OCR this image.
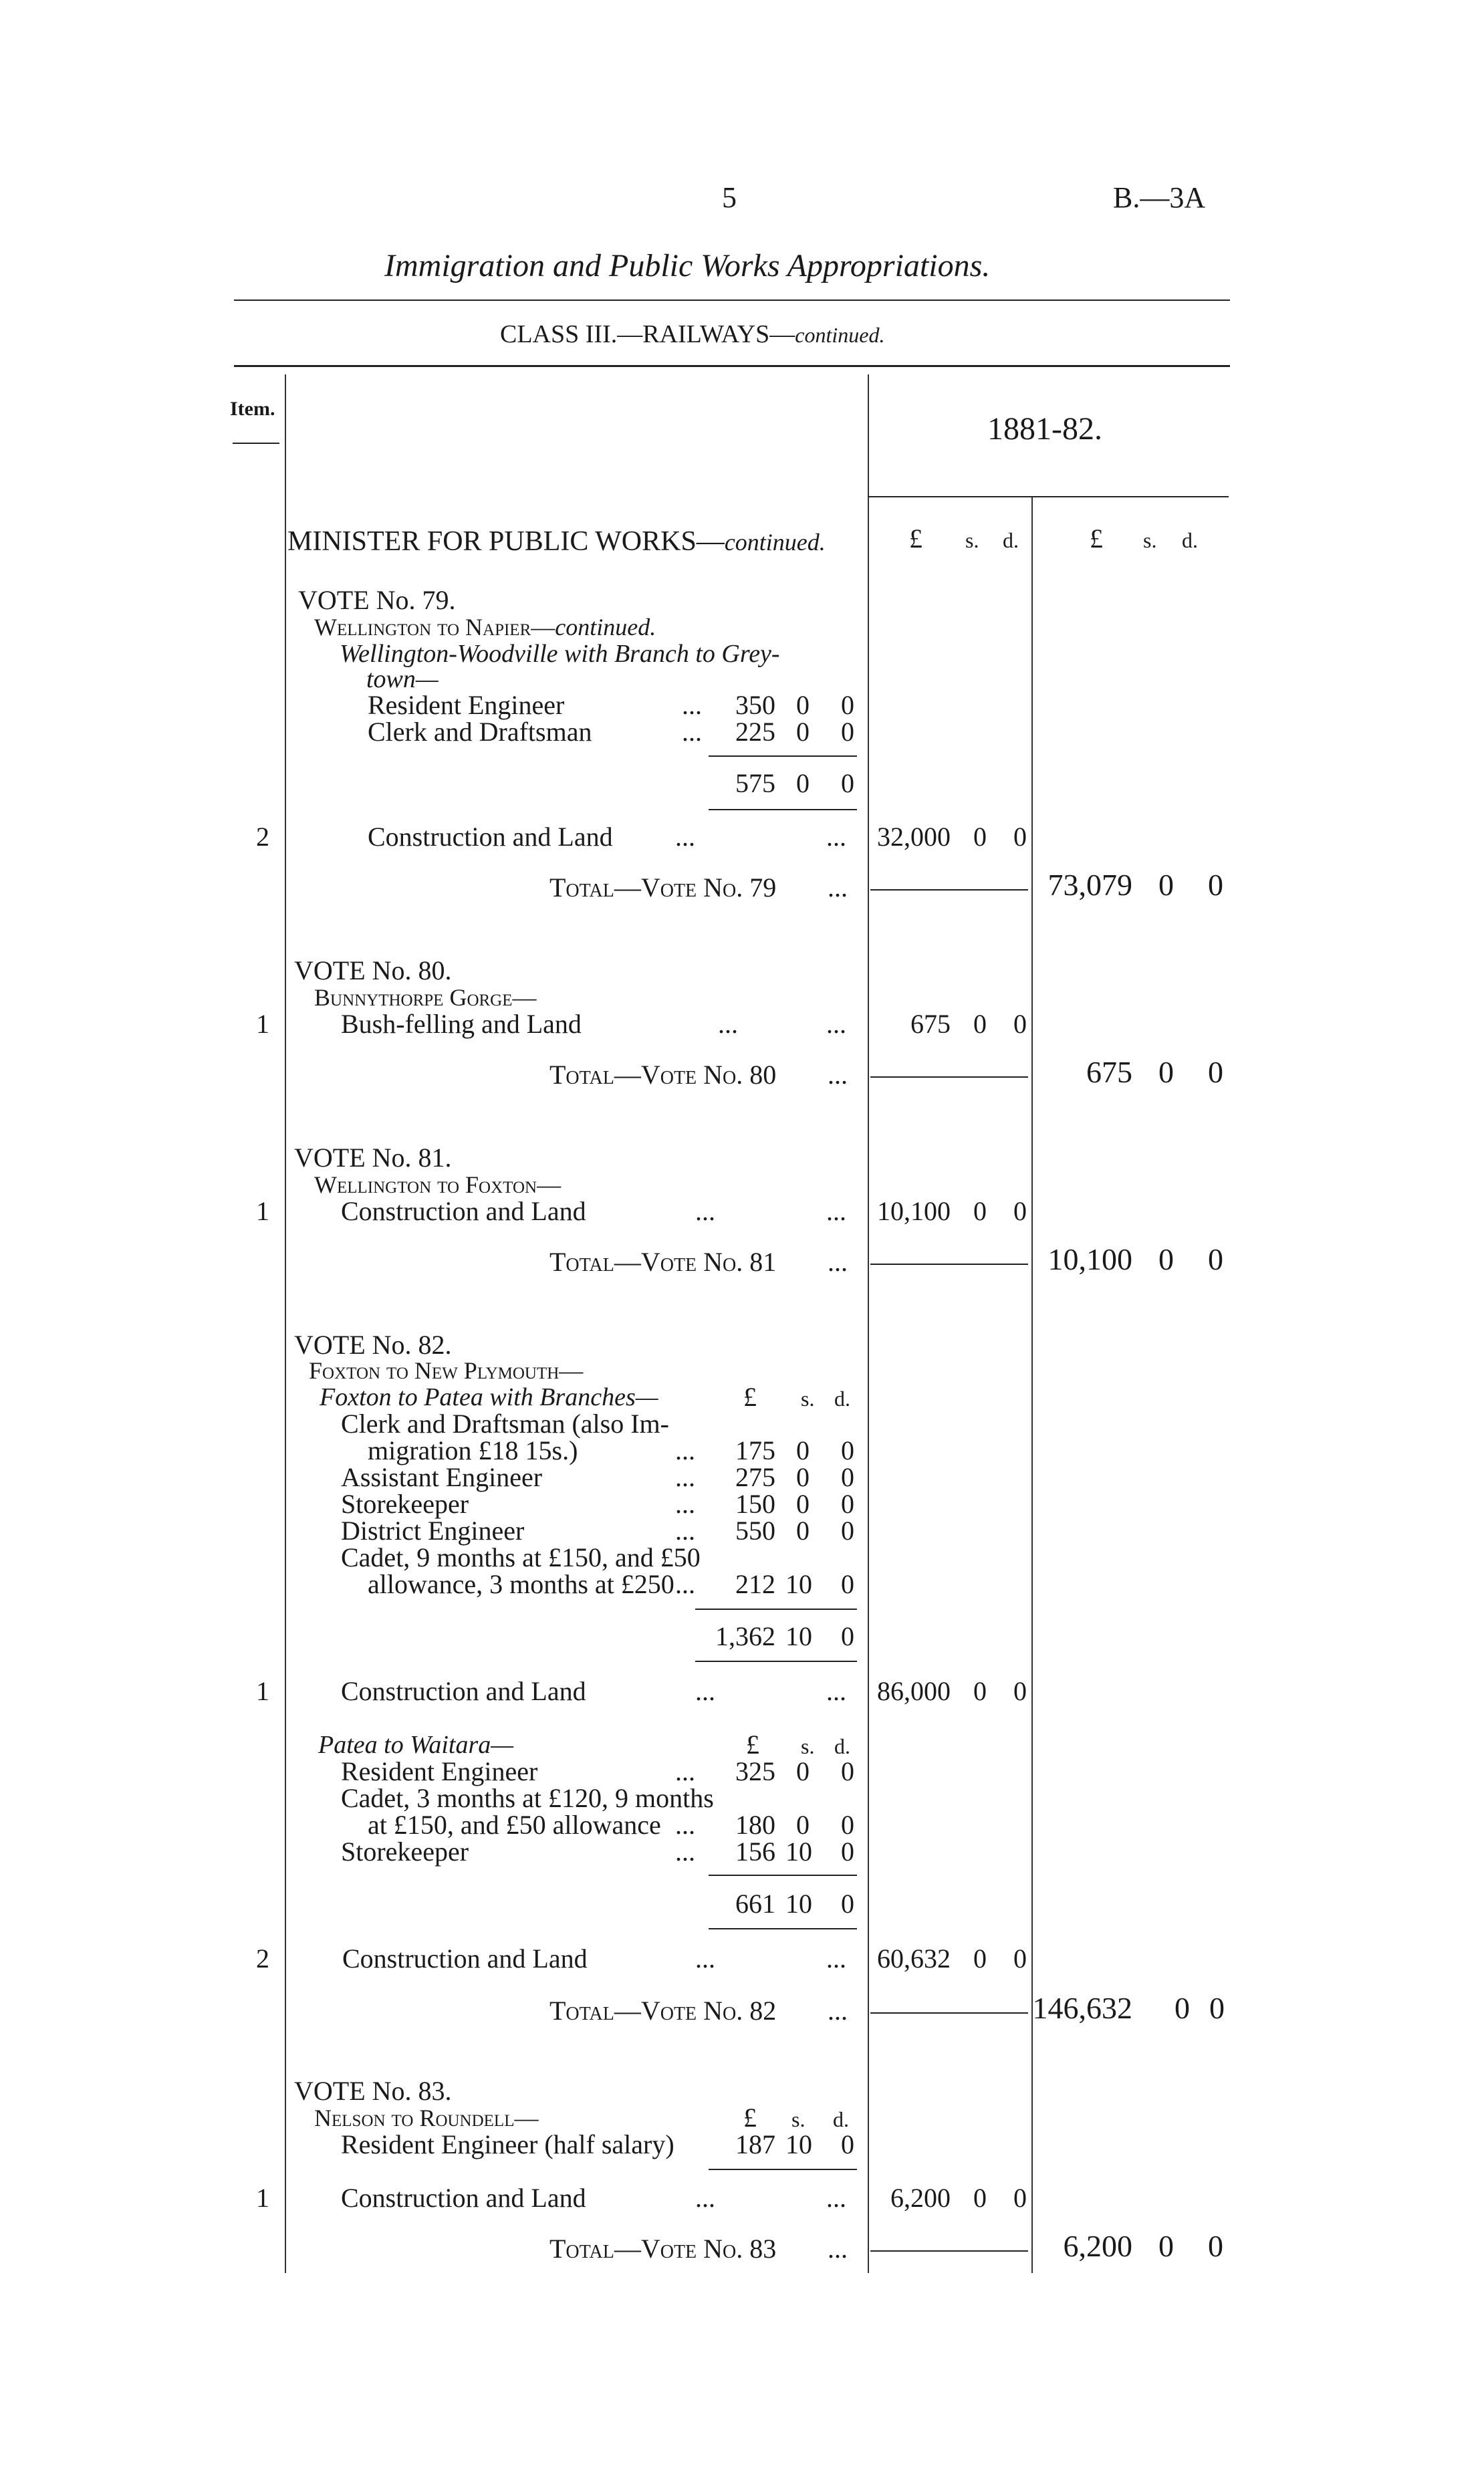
5	B.—3A
Immigration and Public Works Appropriations.
CLASS III.—RAILWAYS—continued.
Item.
1881-82.
£ s. d.	£ s. d.
MINISTER FOR PUBLIC WORKS—continued.
VOTE No. 79.
Wellington to Napier—continued.
Wellington-Woodville with Branch to Grey-
town—
Resident Engineer	...	350 0	0
Clerk and Draftsman	...	225 0	0
575 0	0
2	Construction and Land ...	... 32,000 0	0
Total—Vote No. 79 ...	73,079 0	0
VOTE No. 80.
Bunnythorpe Gorge—
1	Bush-felling and Land	...	...	675 0	0
Total—Vote No. 80 ...	675 0	0
VOTE No. 81.
Wellington to Foxton—
1	Construction and Land	...	... 10,100 0	0
Total—Vote No. 81 ...	10,100 0	0
VOTE No. 82.
Foxton to New Plymouth—
Foxton to Patea with Branches—	£ s. d.
Clerk and Draftsman (also Im-
migration £18 15s.)	...	175 0	0
Assistant Engineer	...	275 0	0
Storekeeper	...	150 0	0
District Engineer	...	550 0	0
Cadet, 9 months at £150, and £50
allowance, 3 months at £250 ...	212 10	0
1,362 10	0
1	Construction and Land	...	... 86,000 0	0
Patea to Waitara—	£ s. d.
Resident Engineer	...	325 0	0
Cadet, 3 months at £120, 9 months
at £150, and £50 allowance ...	180 0	0
Storekeeper	...	156 10	0
661 10	0
2	Construction and Land	...	... 60,632 0	0
Total—Vote No. 82 ...	146,632	0 0
VOTE No. 83.
Nelson to Roundell—	£ s. d.
Resident Engineer (half salary)	187 10	0
1	Construction and Land	...	...	6,200 0	0
Total—Vote No. 83 ...	6,200 0	0
